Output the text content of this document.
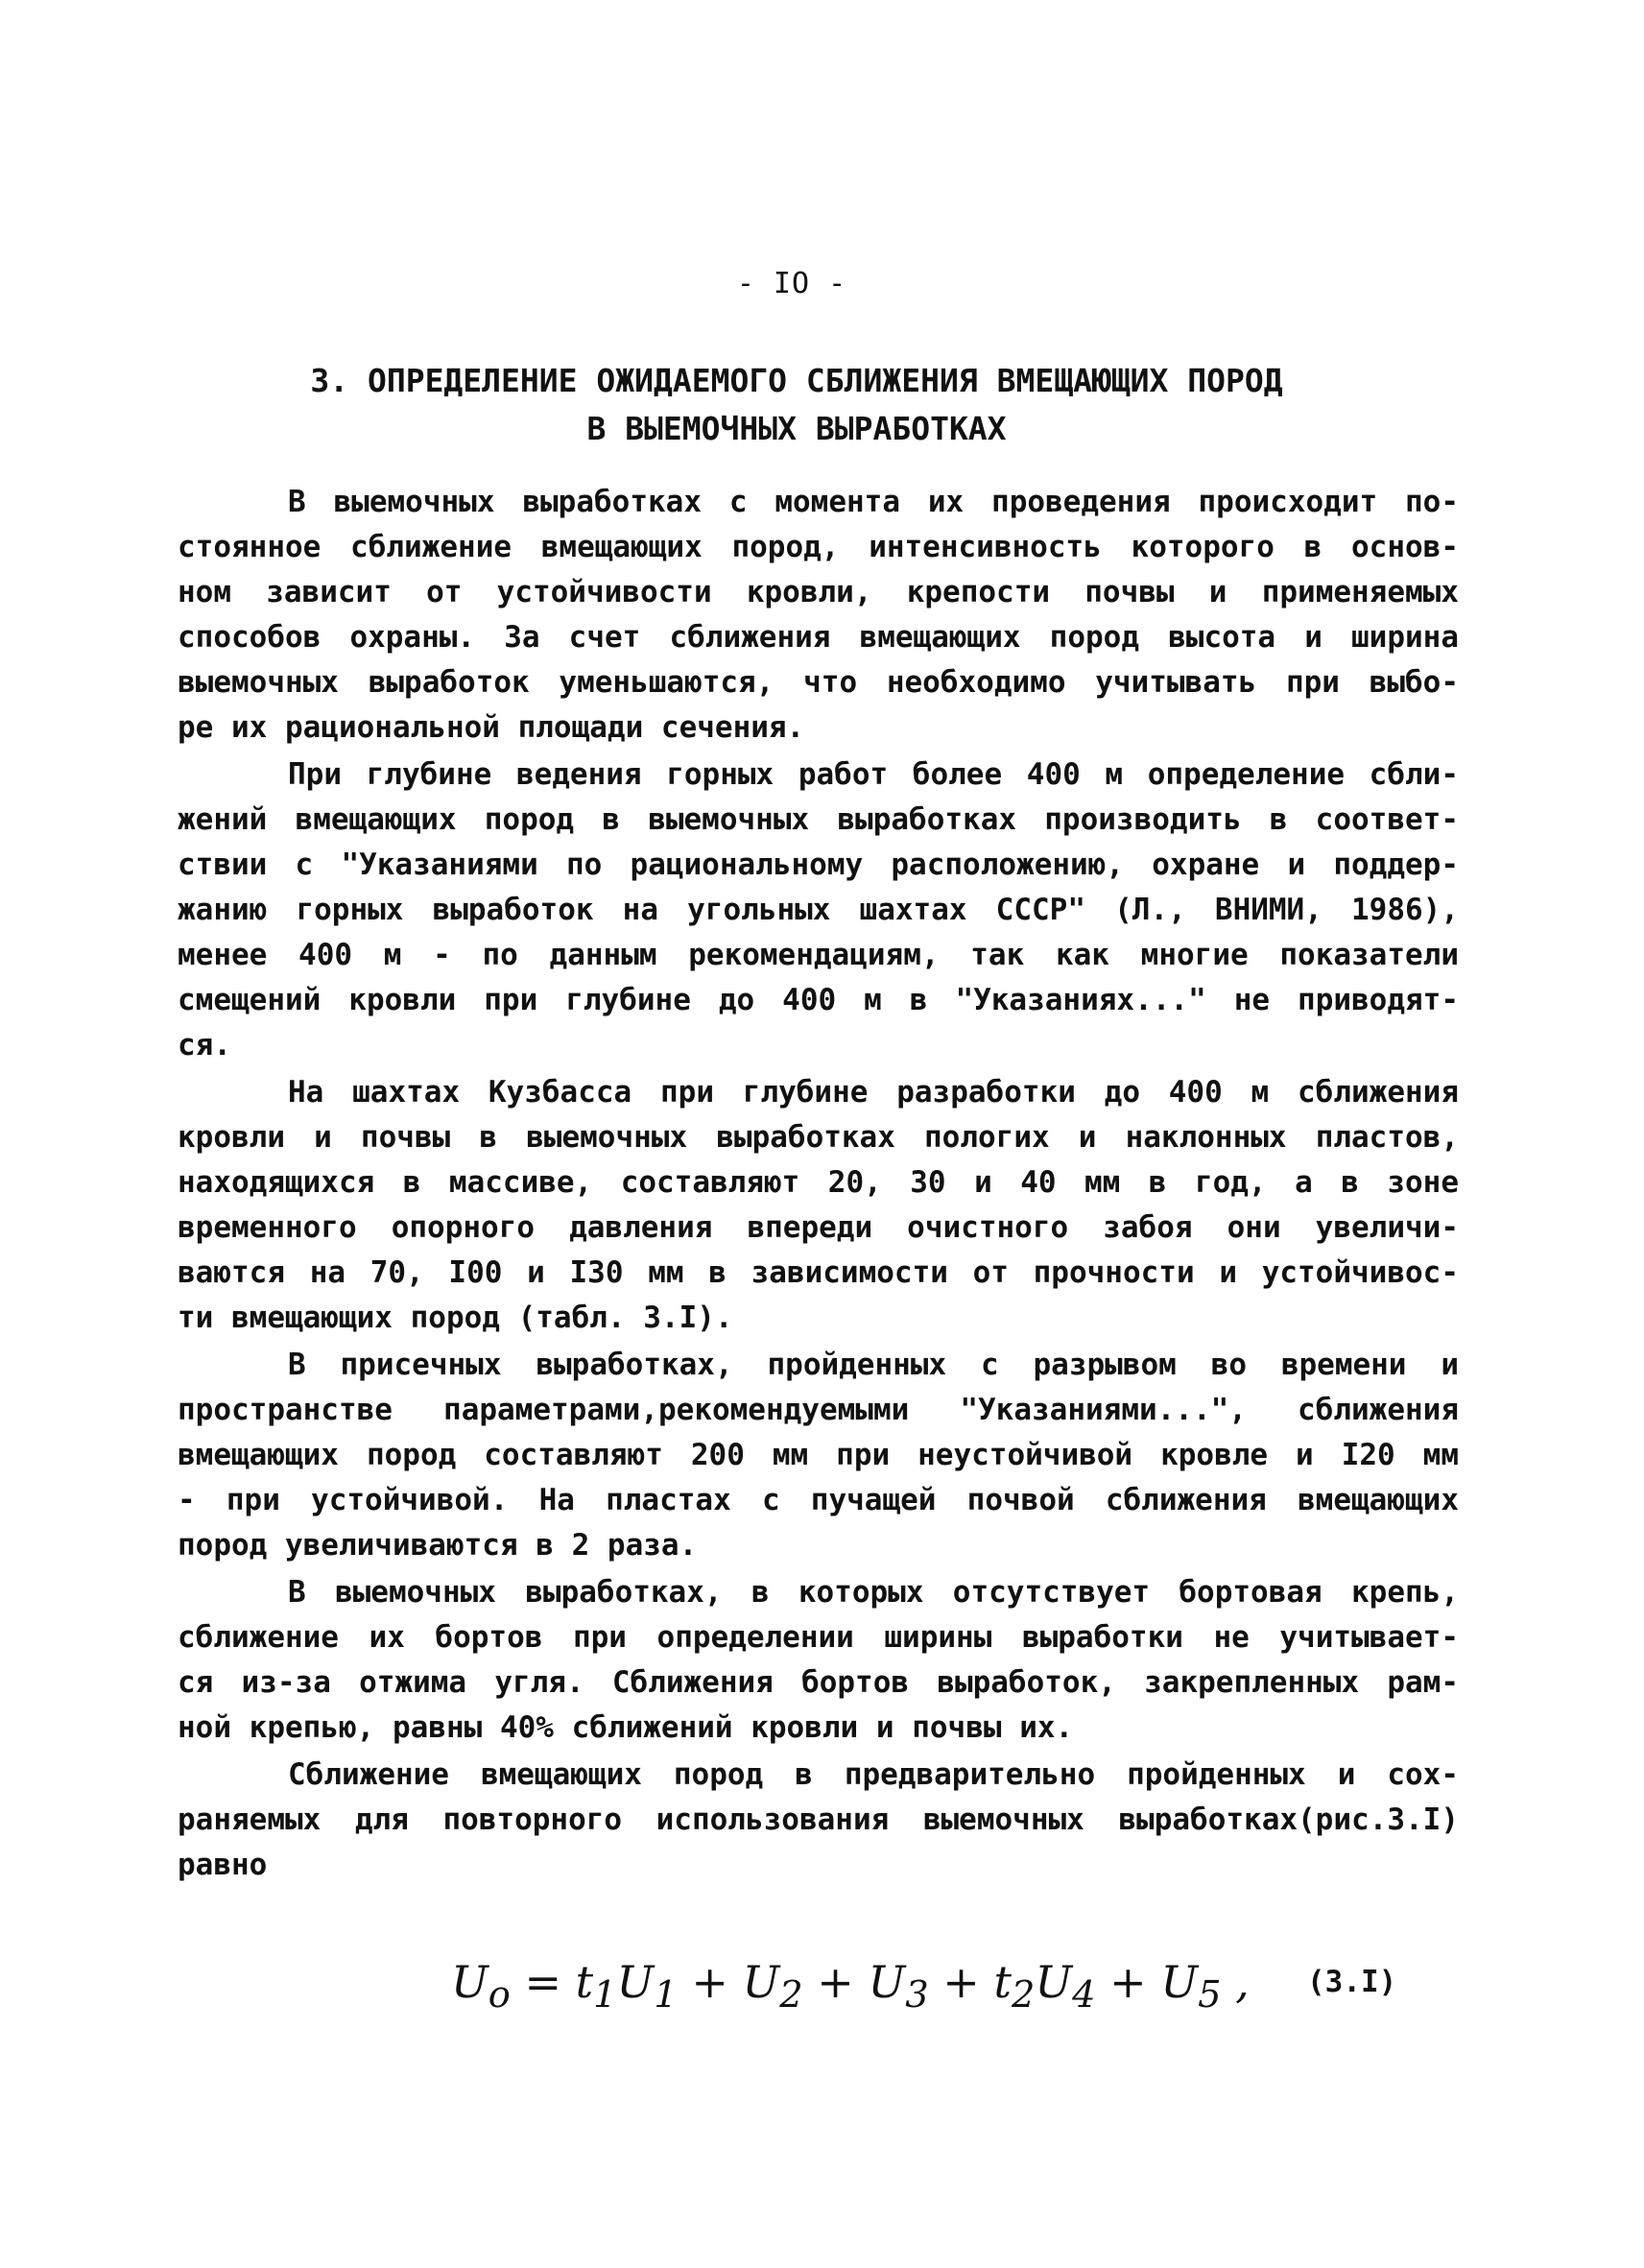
- IO -
3. ОПРЕДЕЛЕНИЕ ОЖИДАЕМОГО СБЛИЖЕНИЯ ВМЕЩАЮЩИХ ПОРОД
В ВЫЕМОЧНЫХ ВЫРАБОТКАХ
В выемочных выработках с момента их проведения происходит по-
стоянное сближение вмещающих пород, интенсивность которого в основ-
ном зависит от устойчивости кровли, крепости почвы и применяемых
способов охраны. За счет сближения вмещающих пород высота и ширина
выемочных выработок уменьшаются, что необходимо учитывать при выбо-
ре их рациональной площади сечения.
При глубине ведения горных работ более 400 м определение сбли-
жений вмещающих пород в выемочных выработках производить в соответ-
ствии с "Указаниями по рациональному расположению, охране и поддер-
жанию горных выработок на угольных шахтах СССР" (Л., ВНИМИ, 1986),
менее 400 м - по данным рекомендациям, так как многие показатели
смещений кровли при глубине до 400 м в "Указаниях..." не приводят-
ся.
На шахтах Кузбасса при глубине разработки до 400 м сближения
кровли и почвы в выемочных выработках пологих и наклонных пластов,
находящихся в массиве, составляют 20, 30 и 40 мм в год, а в зоне
временного опорного давления впереди очистного забоя они увеличи-
ваются на 70, I00 и I30 мм в зависимости от прочности и устойчивос-
ти вмещающих пород (табл. 3.I).
В присечных выработках, пройденных с разрывом во времени и
пространстве параметрами,рекомендуемыми "Указаниями...", сближения
вмещающих пород составляют 200 мм при неустойчивой кровле и I20 мм
- при устойчивой. На пластах с пучащей почвой сближения вмещающих
пород увеличиваются в 2 раза.
В выемочных выработках, в которых отсутствует бортовая крепь,
сближение их бортов при определении ширины выработки не учитывает-
ся из-за отжима угля. Сближения бортов выработок, закрепленных рам-
ной крепью, равны 40% сближений кровли и почвы их.
Сближение вмещающих пород в предварительно пройденных и сох-
раняемых для повторного использования выемочных выработках(рис.3.I)
равно
$U_o = t_1U_1 + U_2 + U_3 + t_2U_4 + U_5$ ,	(3.I)
